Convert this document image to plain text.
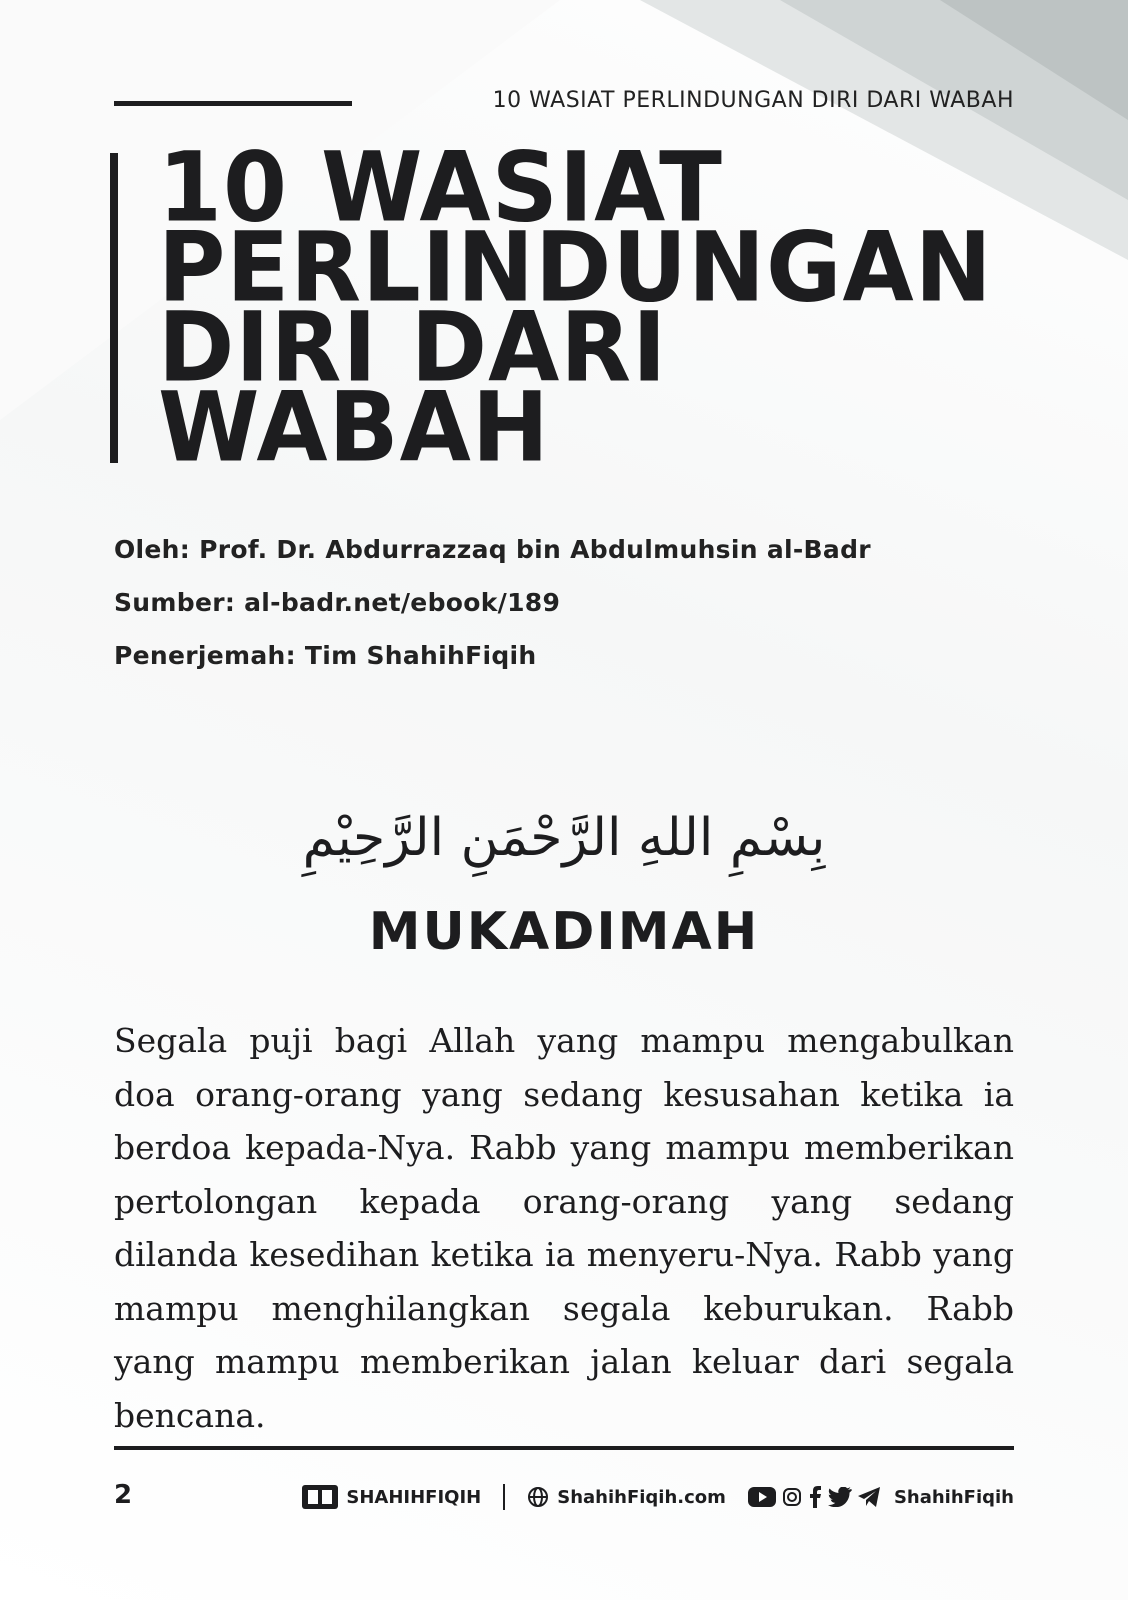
10 WASIAT PERLINDUNGAN DIRI DARI WABAH
10 WASIAT
PERLINDUNGAN
DIRI DARI
WABAH
Oleh: Prof. Dr. Abdurrazzaq bin Abdulmuhsin al-Badr
Sumber: al-badr.net/ebook/189
Penerjemah: Tim ShahihFiqih
بِسْمِ اللهِ الرَّحْمَنِ الرَّحِيْمِ
MUKADIMAH

Segala puji bagi Allah yang mampu mengabulkan doa orang-orang yang sedang kesusahan ketika ia berdoa kepada-Nya. Rabb yang mampu memberikan pertolongan kepada orang-orang yang sedang dilanda kesedihan ketika ia menyeru-Nya. Rabb yang mampu menghilangkan segala keburukan. Rabb yang mampu memberikan jalan keluar dari segala bencana.

2	SHAHIHFIQIH	ShahihFiqih.com	ShahihFiqih
